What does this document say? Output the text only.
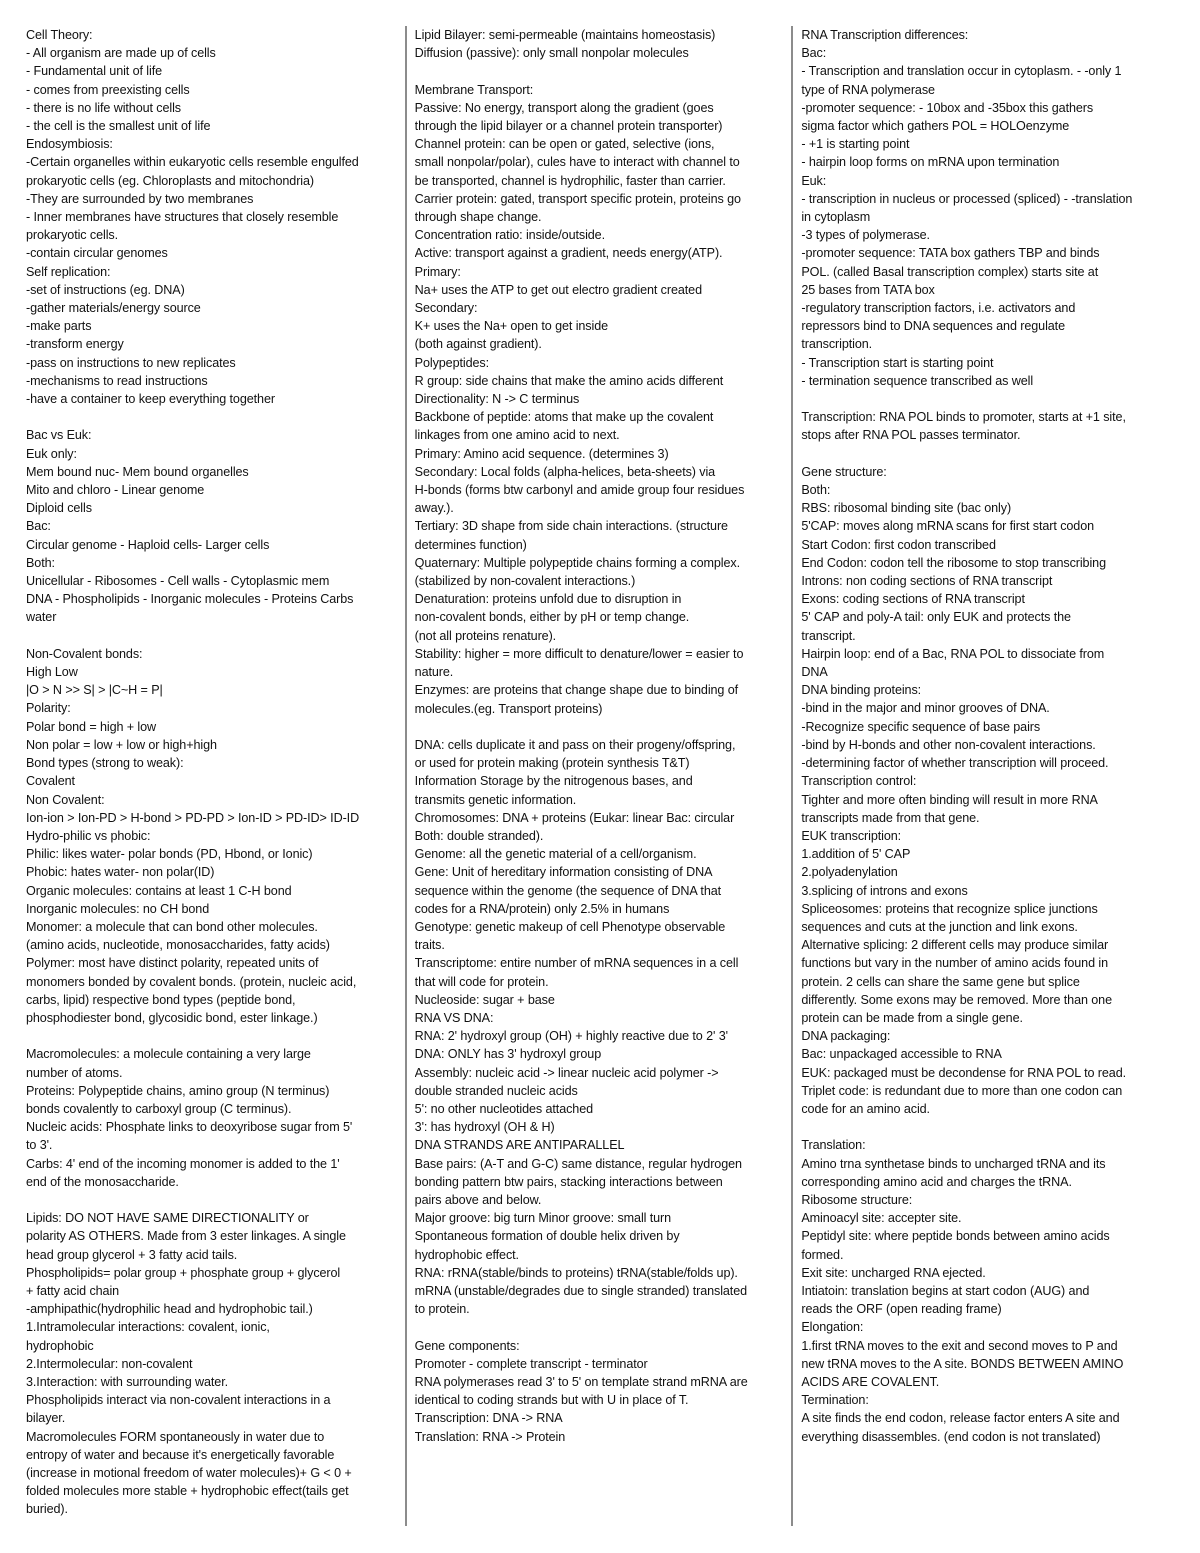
Cell Theory:
- All organism are made up of cells
- Fundamental unit of life
- comes from preexisting cells
- there is no life without cells
- the cell is the smallest unit of life
Endosymbiosis:
-Certain organelles within eukaryotic cells resemble engulfed
prokaryotic cells (eg. Chloroplasts and mitochondria)
-They are surrounded by two membranes
- Inner membranes have structures that closely resemble
prokaryotic cells.
-contain circular genomes
Self replication:
-set of instructions (eg. DNA)
-gather materials/energy source
-make parts
-transform energy
-pass on instructions to new replicates
-mechanisms to read instructions
-have a container to keep everything together
Bac vs Euk:
Euk only:
Mem bound nuc- Mem bound organelles
Mito and chloro - Linear genome
Diploid cells
Bac:
Circular genome - Haploid cells- Larger cells
Both:
Unicellular - Ribosomes - Cell walls - Cytoplasmic mem
DNA - Phospholipids - Inorganic molecules - Proteins Carbs
water
Non-Covalent bonds:
High Low
|O > N >> S| > |C~H = P|
Polarity:
Polar bond = high + low
Non polar = low + low or high+high
Bond types (strong to weak):
Covalent
Non Covalent:
Ion-ion > Ion-PD > H-bond > PD-PD > Ion-ID > PD-ID> ID-ID
Hydro-philic vs phobic:
Philic: likes water- polar bonds (PD, Hbond, or Ionic)
Phobic: hates water- non polar(ID)
Organic molecules: contains at least 1 C-H bond
Inorganic molecules: no CH bond
Monomer: a molecule that can bond other molecules.
(amino acids, nucleotide, monosaccharides, fatty acids)
Polymer: most have distinct polarity, repeated units of
monomers bonded by covalent bonds. (protein, nucleic acid,
carbs, lipid) respective bond types (peptide bond,
phosphodiester bond, glycosidic bond, ester linkage.)
Macromolecules: a molecule containing a very large
number of atoms.
Proteins: Polypeptide chains, amino group (N terminus)
bonds covalently to carboxyl group (C terminus).
Nucleic acids: Phosphate links to deoxyribose sugar from 5'
to 3'.
Carbs: 4' end of the incoming monomer is added to the 1'
end of the monosaccharide.
Lipids: DO NOT HAVE SAME DIRECTIONALITY or
polarity AS OTHERS. Made from 3 ester linkages. A single
head group glycerol + 3 fatty acid tails.
Phospholipids= polar group + phosphate group + glycerol
+ fatty acid chain
-amphipathic(hydrophilic head and hydrophobic tail.)
1.Intramolecular interactions: covalent, ionic,
hydrophobic
2.Intermolecular: non-covalent
3.Interaction: with surrounding water.
Phospholipids interact via non-covalent interactions in a
bilayer.
Macromolecules FORM spontaneously in water due to
entropy of water and because it's energetically favorable
(increase in motional freedom of water molecules)+ G < 0 +
folded molecules more stable + hydrophobic effect(tails get
buried).
Lipid Bilayer: semi-permeable (maintains homeostasis)
Diffusion (passive): only small nonpolar molecules
Membrane Transport:
Passive: No energy, transport along the gradient (goes
through the lipid bilayer or a channel protein transporter)
Channel protein: can be open or gated, selective (ions,
small nonpolar/polar), cules have to interact with channel to
be transported, channel is hydrophilic, faster than carrier.
Carrier protein: gated, transport specific protein, proteins go
through shape change.
Concentration ratio: inside/outside.
Active: transport against a gradient, needs energy(ATP).
Primary:
Na+ uses the ATP to get out electro gradient created
Secondary:
K+ uses the Na+ open to get inside
(both against gradient).
Polypeptides:
R group: side chains that make the amino acids different
Directionality: N -> C terminus
Backbone of peptide: atoms that make up the covalent
linkages from one amino acid to next.
Primary: Amino acid sequence. (determines 3)
Secondary: Local folds (alpha-helices, beta-sheets) via
H-bonds (forms btw carbonyl and amide group four residues
away.).
Tertiary: 3D shape from side chain interactions. (structure
determines function)
Quaternary: Multiple polypeptide chains forming a complex.
(stabilized by non-covalent interactions.)
Denaturation: proteins unfold due to disruption in
non-covalent bonds, either by pH or temp change.
(not all proteins renature).
Stability: higher = more difficult to denature/lower = easier to
nature.
Enzymes: are proteins that change shape due to binding of
molecules.(eg. Transport proteins)
DNA: cells duplicate it and pass on their progeny/offspring,
or used for protein making (protein synthesis T&T)
Information Storage by the nitrogenous bases, and
transmits genetic information.
Chromosomes: DNA + proteins (Eukar: linear Bac: circular
Both: double stranded).
Genome: all the genetic material of a cell/organism.
Gene: Unit of hereditary information consisting of DNA
sequence within the genome (the sequence of DNA that
codes for a RNA/protein) only 2.5% in humans
Genotype: genetic makeup of cell Phenotype observable
traits.
Transcriptome: entire number of mRNA sequences in a cell
that will code for protein.
Nucleoside: sugar + base
RNA VS DNA:
RNA: 2' hydroxyl group (OH) + highly reactive due to 2' 3'
DNA: ONLY has 3' hydroxyl group
Assembly: nucleic acid -> linear nucleic acid polymer ->
double stranded nucleic acids
5': no other nucleotides attached
3': has hydroxyl (OH & H)
DNA STRANDS ARE ANTIPARALLEL
Base pairs: (A-T and G-C) same distance, regular hydrogen
bonding pattern btw pairs, stacking interactions between
pairs above and below.
Major groove: big turn Minor groove: small turn
Spontaneous formation of double helix driven by
hydrophobic effect.
RNA: rRNA(stable/binds to proteins) tRNA(stable/folds up).
mRNA (unstable/degrades due to single stranded) translated
to protein.
Gene components:
Promoter - complete transcript - terminator
RNA polymerases read 3' to 5' on template strand mRNA are
identical to coding strands but with U in place of T.
Transcription: DNA -> RNA
Translation: RNA -> Protein
RNA Transcription differences:
Bac:
- Transcription and translation occur in cytoplasm. - -only 1
type of RNA polymerase
-promoter sequence: - 10box and -35box this gathers
sigma factor which gathers POL = HOLOenzyme
- +1 is starting point
- hairpin loop forms on mRNA upon termination
Euk:
- transcription in nucleus or processed (spliced) - -translation
in cytoplasm
-3 types of polymerase.
-promoter sequence: TATA box gathers TBP and binds
POL. (called Basal transcription complex) starts site at
25 bases from TATA box
-regulatory transcription factors, i.e. activators and
repressors bind to DNA sequences and regulate
transcription.
- Transcription start is starting point
- termination sequence transcribed as well
Transcription: RNA POL binds to promoter, starts at +1 site,
stops after RNA POL passes terminator.
Gene structure:
Both:
RBS: ribosomal binding site (bac only)
5'CAP: moves along mRNA scans for first start codon
Start Codon: first codon transcribed
End Codon: codon tell the ribosome to stop transcribing
Introns: non coding sections of RNA transcript
Exons: coding sections of RNA transcript
5' CAP and poly-A tail: only EUK and protects the
transcript.
Hairpin loop: end of a Bac, RNA POL to dissociate from
DNA
DNA binding proteins:
-bind in the major and minor grooves of DNA.
-Recognize specific sequence of base pairs
-bind by H-bonds and other non-covalent interactions.
-determining factor of whether transcription will proceed.
Transcription control:
Tighter and more often binding will result in more RNA
transcripts made from that gene.
EUK transcription:
1.addition of 5' CAP
2.polyadenylation
3.splicing of introns and exons
Spliceosomes: proteins that recognize splice junctions
sequences and cuts at the junction and link exons.
Alternative splicing: 2 different cells may produce similar
functions but vary in the number of amino acids found in
protein. 2 cells can share the same gene but splice
differently. Some exons may be removed. More than one
protein can be made from a single gene.
DNA packaging:
Bac: unpackaged accessible to RNA
EUK: packaged must be decondense for RNA POL to read.
Triplet code: is redundant due to more than one codon can
code for an amino acid.
Translation:
Amino trna synthetase binds to uncharged tRNA and its
corresponding amino acid and charges the tRNA.
Ribosome structure:
Aminoacyl site: accepter site.
Peptidyl site: where peptide bonds between amino acids
formed.
Exit site: uncharged RNA ejected.
Intiatoin: translation begins at start codon (AUG) and
reads the ORF (open reading frame)
Elongation:
1.first tRNA moves to the exit and second moves to P and
new tRNA moves to the A site. BONDS BETWEEN AMINO
ACIDS ARE COVALENT.
Termination:
A site finds the end codon, release factor enters A site and
everything disassembles. (end codon is not translated)
